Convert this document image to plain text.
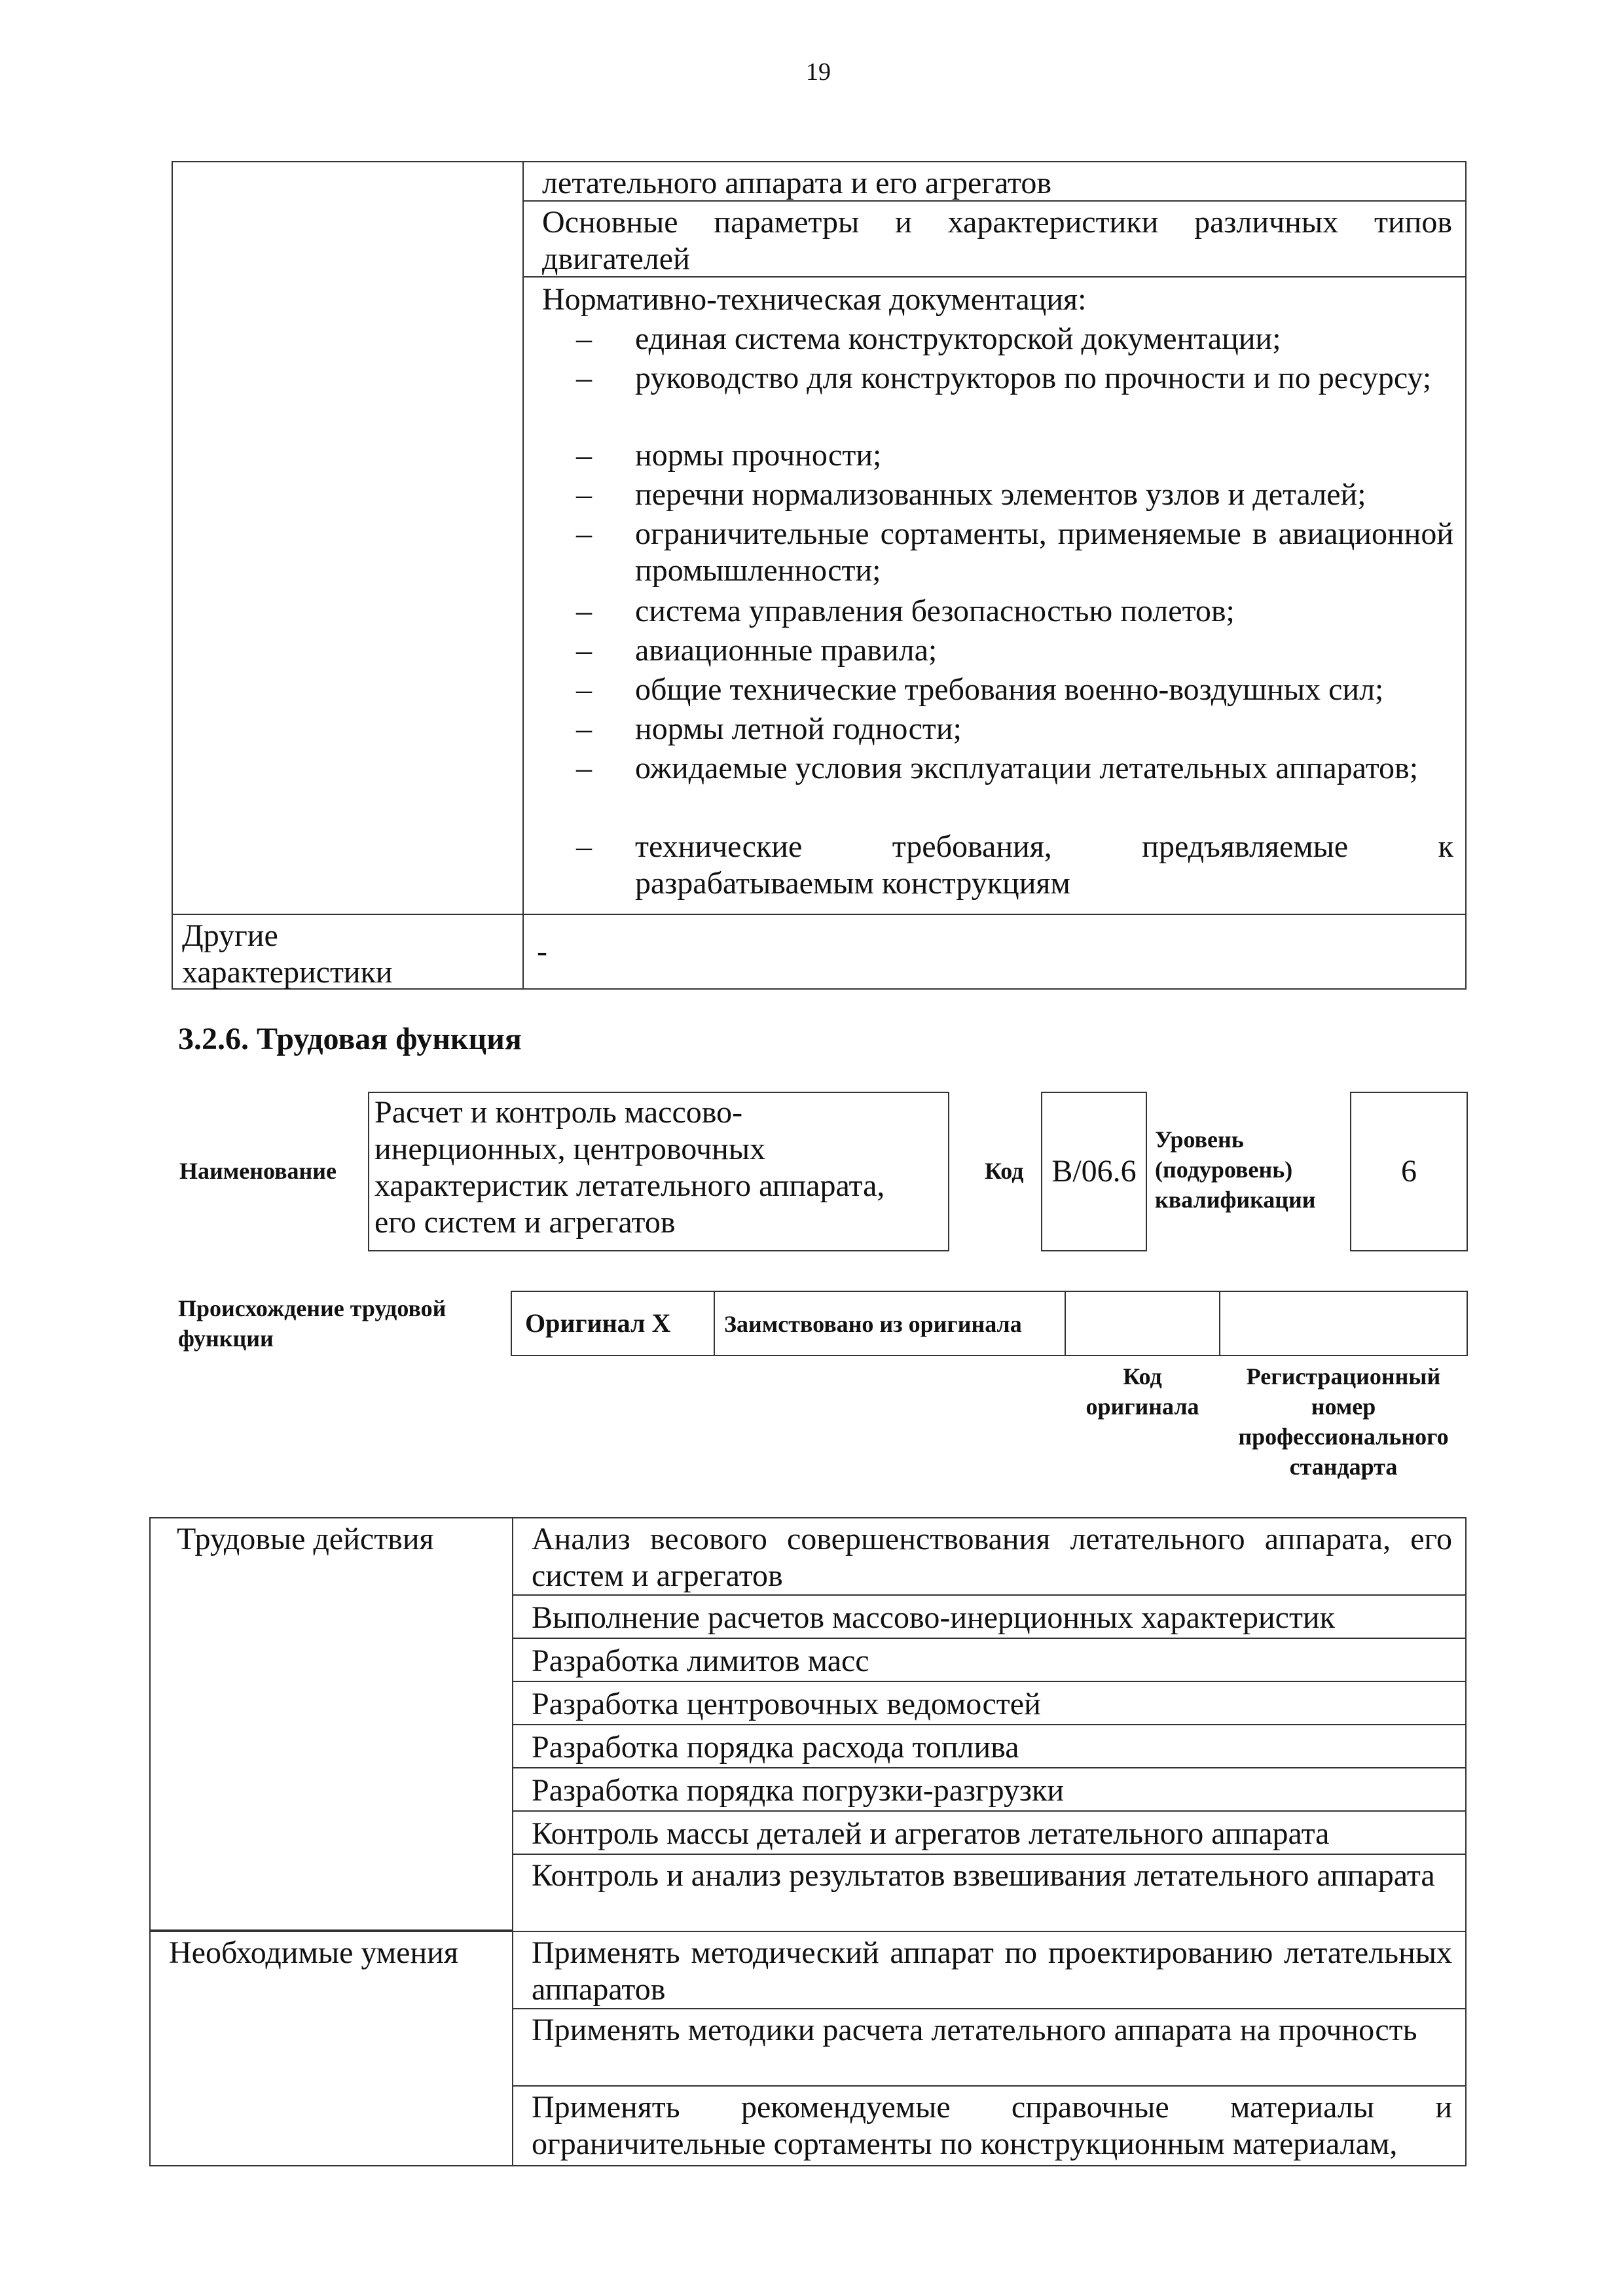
19
летательного аппарата и его агрегатов
Основные параметры и характеристики различных типов двигателей
Нормативно-техническая документация:
– единая система конструкторской документации;
– руководство для конструкторов по прочности и по ресурсу;
– нормы прочности;
– перечни нормализованных элементов узлов и деталей;
– ограничительные сортаменты, применяемые в авиационной промышленности;
– система управления безопасностью полетов;
– авиационные правила;
– общие технические требования военно-воздушных сил;
– нормы летной годности;
– ожидаемые условия эксплуатации летательных аппаратов;
– технические требования, предъявляемые к разрабатываемым конструкциям
Другие характеристики
-
3.2.6. Трудовая функция
Наименование
Расчет и контроль массово-инерционных, центровочных характеристик летательного аппарата, его систем и агрегатов
Код B/06.6
Уровень (подуровень) квалификации
6
Происхождение трудовой функции
Оригинал X Заимствовано из оригинала
Код оригинала
Регистрационный номер профессионального стандарта
Трудовые действия	Анализ весового совершенствования летательного аппарата, его систем и агрегатов
Выполнение расчетов массово-инерционных характеристик
Разработка лимитов масс
Разработка центровочных ведомостей
Разработка порядка расхода топлива
Разработка порядка погрузки-разгрузки
Контроль массы деталей и агрегатов летательного аппарата
Контроль и анализ результатов взвешивания летательного аппарата
Необходимые умения Применять методический аппарат по проектированию летательных аппаратов
Применять методики расчета летательного аппарата на прочность
Применять рекомендуемые справочные материалы и ограничительные сортаменты по конструкционным материалам,
